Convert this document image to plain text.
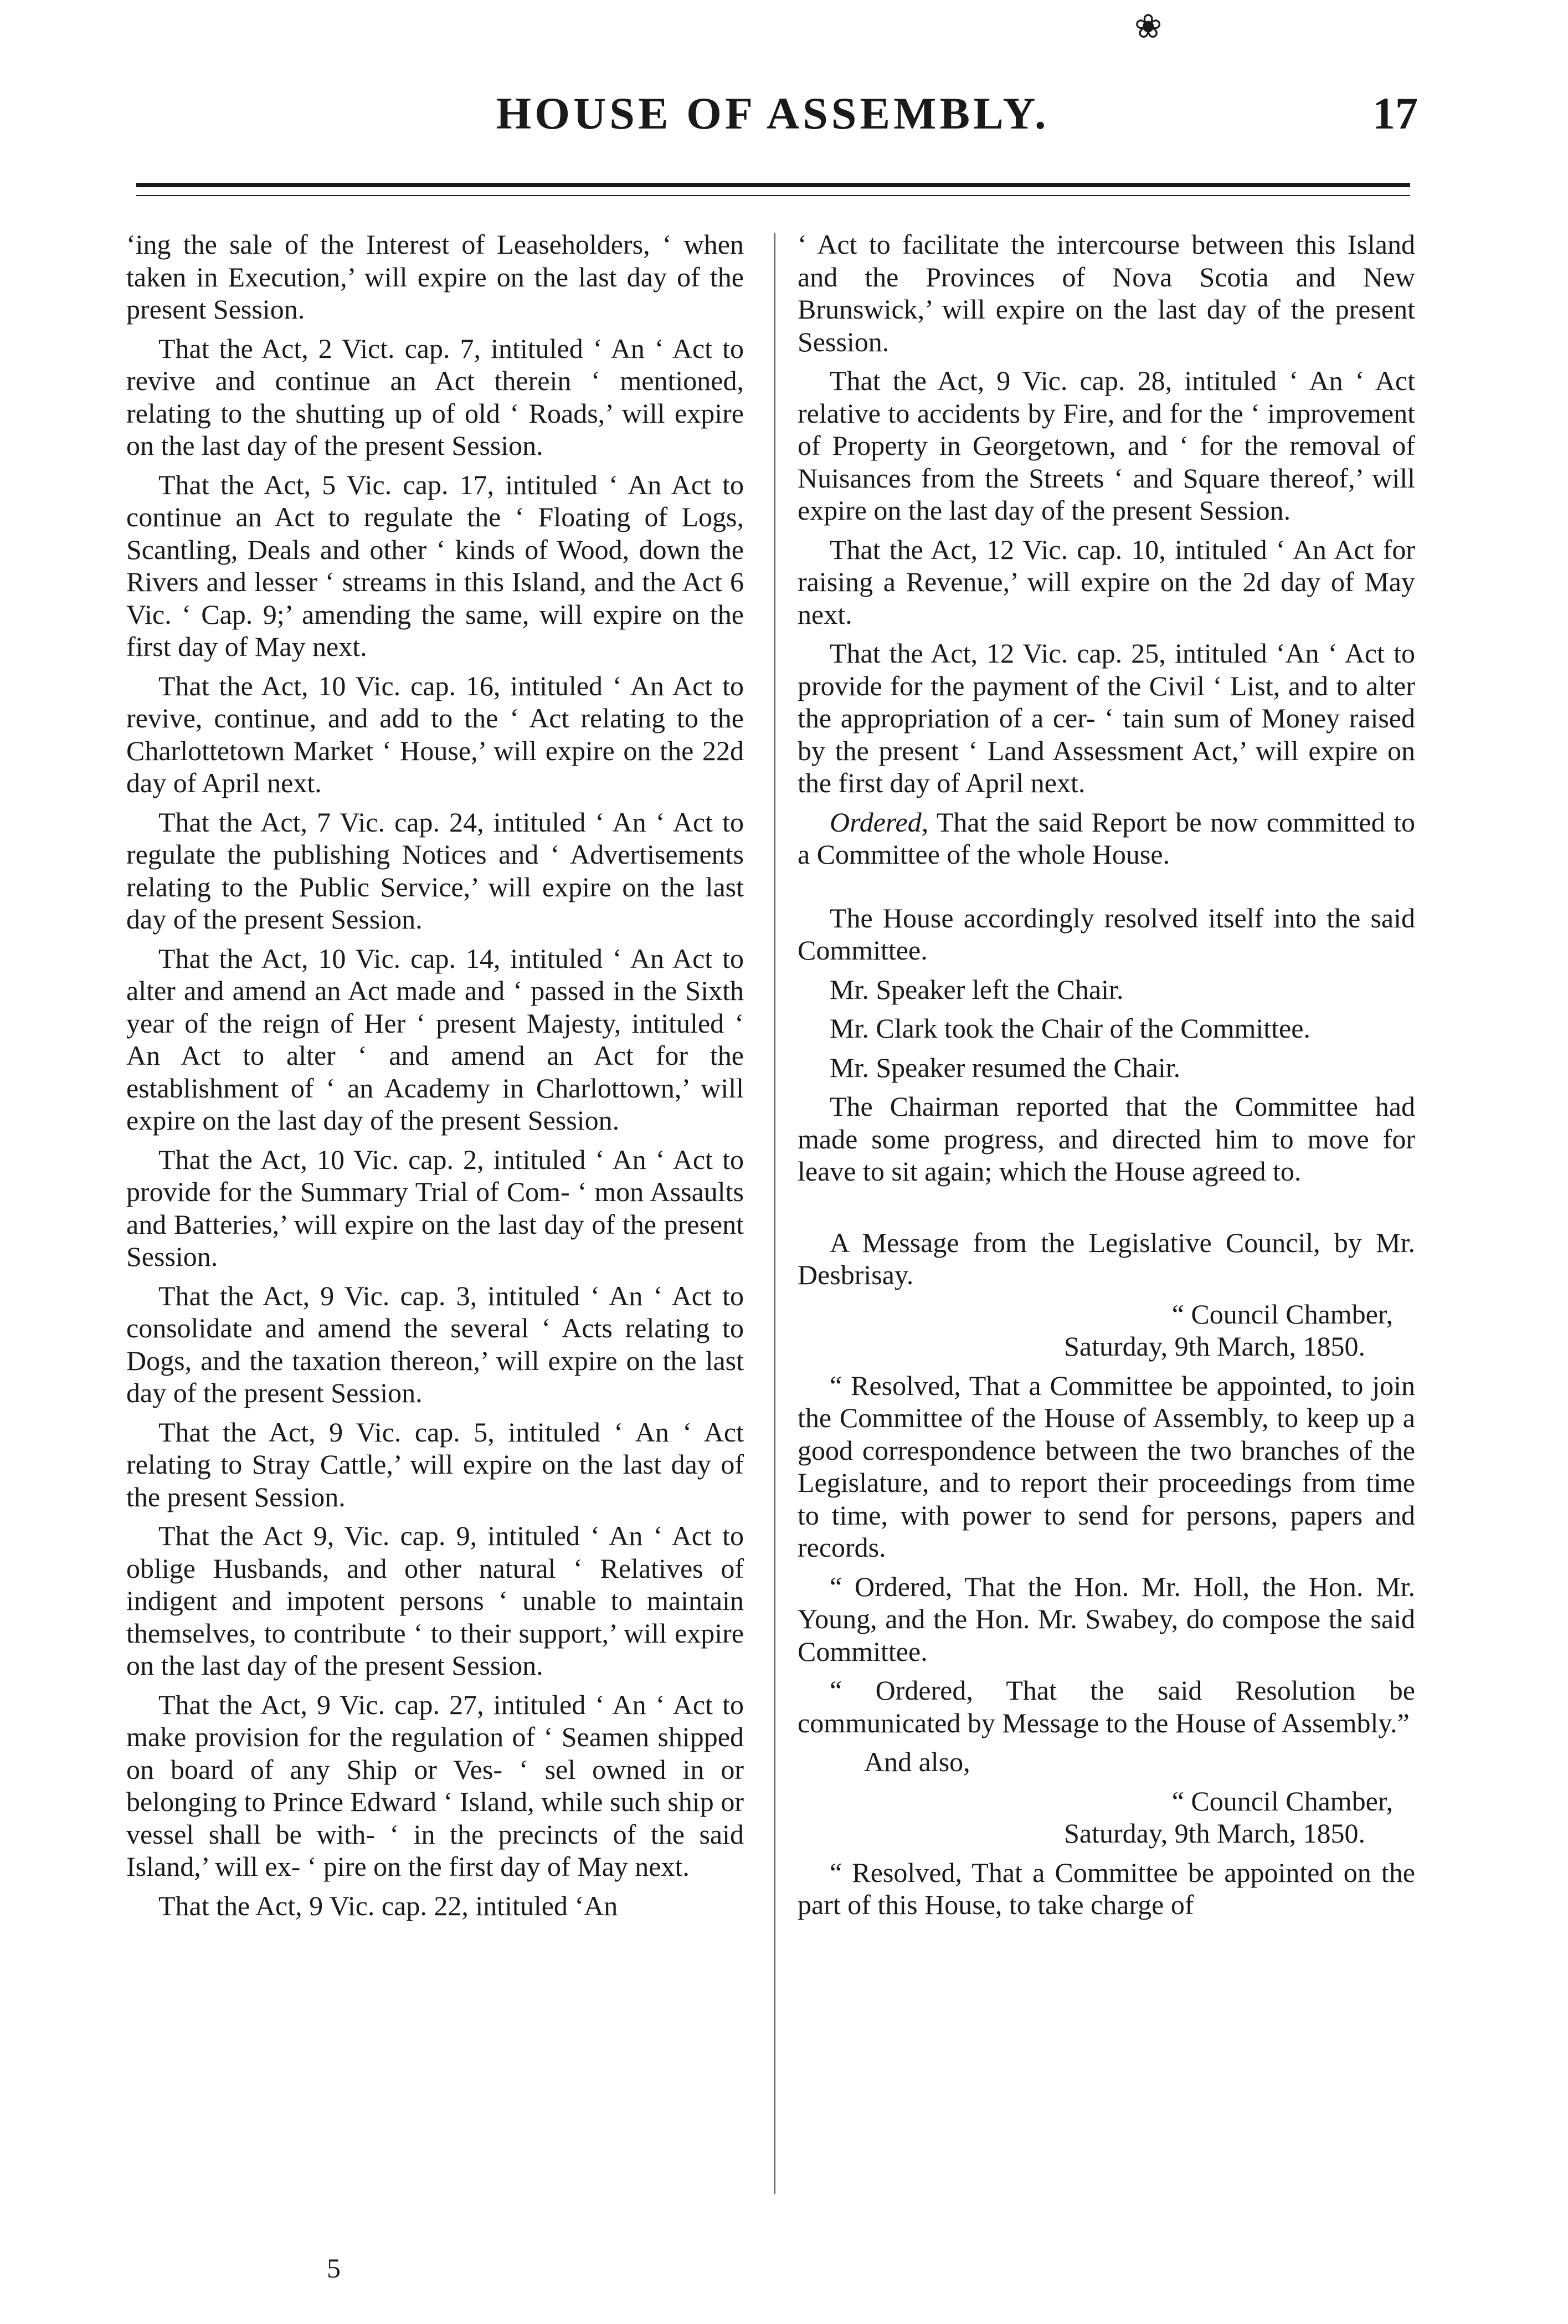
❀
HOUSE OF ASSEMBLY.	17

‘ing the sale of the Interest of Leaseholders, ‘ when taken in Execution,’ will expire on the last day of the present Session.

That the Act, 2 Vict. cap. 7, intituled ‘ An ‘ Act to revive and continue an Act therein ‘ mentioned, relating to the shutting up of old ‘ Roads,’ will expire on the last day of the present Session.

That the Act, 5 Vic. cap. 17, intituled ‘ An Act to continue an Act to regulate the ‘ Floating of Logs, Scantling, Deals and other ‘ kinds of Wood, down the Rivers and lesser ‘ streams in this Island, and the Act 6 Vic. ‘ Cap. 9;’ amending the same, will expire on the first day of May next.

That the Act, 10 Vic. cap. 16, intituled ‘ An Act to revive, continue, and add to the ‘ Act relating to the Charlottetown Market ‘ House,’ will expire on the 22d day of April next.

That the Act, 7 Vic. cap. 24, intituled ‘ An ‘ Act to regulate the publishing Notices and ‘ Advertisements relating to the Public Service,’ will expire on the last day of the present Session.

That the Act, 10 Vic. cap. 14, intituled ‘ An Act to alter and amend an Act made and ‘ passed in the Sixth year of the reign of Her ‘ present Majesty, intituled ‘ An Act to alter ‘ and amend an Act for the establishment of ‘ an Academy in Charlottown,’ will expire on the last day of the present Session.

That the Act, 10 Vic. cap. 2, intituled ‘ An ‘ Act to provide for the Summary Trial of Com- ‘ mon Assaults and Batteries,’ will expire on the last day of the present Session.

That the Act, 9 Vic. cap. 3, intituled ‘ An ‘ Act to consolidate and amend the several ‘ Acts relating to Dogs, and the taxation thereon,’ will expire on the last day of the present Session.

That the Act, 9 Vic. cap. 5, intituled ‘ An ‘ Act relating to Stray Cattle,’ will expire on the last day of the present Session.

That the Act 9, Vic. cap. 9, intituled ‘ An ‘ Act to oblige Husbands, and other natural ‘ Relatives of indigent and impotent persons ‘ unable to maintain themselves, to contribute ‘ to their support,’ will expire on the last day of the present Session.

That the Act, 9 Vic. cap. 27, intituled ‘ An ‘ Act to make provision for the regulation of ‘ Seamen shipped on board of any Ship or Ves- ‘ sel owned in or belonging to Prince Edward ‘ Island, while such ship or vessel shall be with- ‘ in the precincts of the said Island,’ will ex- ‘ pire on the first day of May next.

That the Act, 9 Vic. cap. 22, intituled ‘An

‘ Act to facilitate the intercourse between this Island and the Provinces of Nova Scotia and New Brunswick,’ will expire on the last day of the present Session.

That the Act, 9 Vic. cap. 28, intituled ‘ An ‘ Act relative to accidents by Fire, and for the ‘ improvement of Property in Georgetown, and ‘ for the removal of Nuisances from the Streets ‘ and Square thereof,’ will expire on the last day of the present Session.

That the Act, 12 Vic. cap. 10, intituled ‘ An Act for raising a Revenue,’ will expire on the 2d day of May next.

That the Act, 12 Vic. cap. 25, intituled ‘An ‘ Act to provide for the payment of the Civil ‘ List, and to alter the appropriation of a cer- ‘ tain sum of Money raised by the present ‘ Land Assessment Act,’ will expire on the first day of April next.

Ordered, That the said Report be now committed to a Committee of the whole House.

The House accordingly resolved itself into the said Committee.

Mr. Speaker left the Chair.

Mr. Clark took the Chair of the Committee.

Mr. Speaker resumed the Chair.

The Chairman reported that the Committee had made some progress, and directed him to move for leave to sit again; which the House agreed to.

A Message from the Legislative Council, by Mr. Desbrisay.

“ Council Chamber,

Saturday, 9th March, 1850.

“ Resolved, That a Committee be appointed, to join the Committee of the House of Assembly, to keep up a good correspondence between the two branches of the Legislature, and to report their proceedings from time to time, with power to send for persons, papers and records.

“ Ordered, That the Hon. Mr. Holl, the Hon. Mr. Young, and the Hon. Mr. Swabey, do compose the said Committee.

“ Ordered, That the said Resolution be communicated by Message to the House of Assembly.”

And also,

“ Council Chamber,

Saturday, 9th March, 1850.

“ Resolved, That a Committee be appointed on the part of this House, to take charge of

5
